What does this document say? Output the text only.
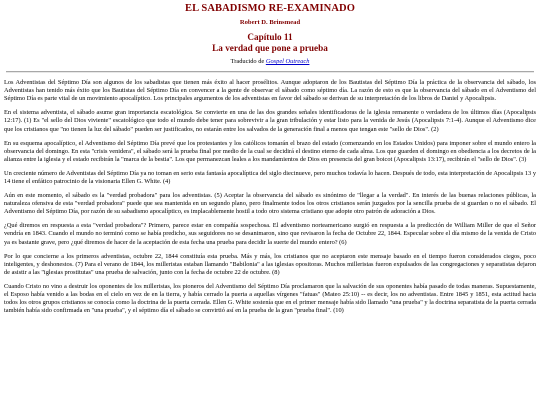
EL SABADISMO RE-EXAMINADO
Robert D. Brinsmead
Capítulo 11
La verdad que pone a prueba
Traducido de Gospel Outreach

Los Adventistas del Séptimo Día son algunos de los sabadistas que tienen más éxito al hacer prosélitos. Aunque adoptaron de los Bautistas del Séptimo Día la práctica de la observancia del sábado, los Adventistas han tenido más éxito que los Bautistas del Séptimo Día en convencer a la gente de observar el sábado como séptimo día. La razón de esto es que la observancia del sábado en el Adventismo del Séptimo Día es parte vital de un movimiento apocalíptico. Los principales argumentos de los adventistas en favor del sábado se derivan de su interpretación de los libros de Daniel y Apocalipsis.

En el sistema adventista, el sábado asume gran importancia escatológica. Se convierte en una de las dos grandes señales identificadoras de la iglesia remanente o verdadera de los últimos días (Apocalipsis 12:17). (1) Es "el sello del Dios viviente" escatológico que todo el mundo debe tener para sobrevivir a la gran tribulación y estar listo para la venida de Jesús (Apocalipsis 7:1-4). Aunque el Adventismo dice que los cristianos que "no tienen la luz del sábado" pueden ser justificados, no estarán entre los salvados de la generación final a menos que tengan este "sello de Dios". (2)

En su esquema apocalíptico, el Adventismo del Séptimo Día prevé que los protestantes y los católicos tomarán el brazo del estado (comenzando en los Estados Unidos) para imponer sobre el mundo entero la observancia del domingo. En esta "crisis venidera", el sábado será la prueba final por medio de la cual se decidirá el destino eterno de cada alma. Los que guarden el domingo en obediencia a los decretos de la alianza entre la iglesia y el estado recibirán la "marca de la bestia". Los que permanezcan leales a los mandamientos de Dios en presencia del gran boicot (Apocalipsis 13:17), recibirán el "sello de Dios". (3)

Un creciente número de Adventistas del Séptimo Día ya no toman en serio esta fantasía apocalíptica del siglo diecinueve, pero muchos todavía lo hacen. Después de todo, esta interpretación de Apocalipsis 13 y 14 tiene el enfático patrocinio de la visionaria Ellen G. White. (4)

Aún en este momento, el sábado es la "verdad probadora" para los adventistas. (5) Aceptar la observancia del sábado es sinónimo de "llegar a la verdad". En interés de las buenas relaciones públicas, la naturaleza ofensiva de esta "verdad probadora" puede que sea mantenida en un segundo plano, pero finalmente todos los otros cristianos serán juzgados por la sencilla prueba de si guardan o no el sábado. El Adventismo del Séptimo Día, por razón de su sabadismo apocalíptico, es implacablemente hostil a todo otro sistema cristiano que adopte otro patrón de adoración a Dios.

¿Qué diremos en respuesta a esta "verdad probadora"? Primero, parece estar en compañía sospechosa. El adventismo norteamericano surgió en respuesta a la predicción de William Miller de que el Señor vendría en 1843. Cuando el mundo no terminó como se había predicho, sus seguidores no se desanimaron, sino que revisaron la fecha de Octubre 22, 1844. Especular sobre el día mismo de la venida de Cristo ya es bastante grave, pero ¿qué diremos de hacer de la aceptación de esta fecha una prueba para decidir la suerte del mundo entero? (6)

Por lo que concierne a los primeros adventistas, octubre 22, 1844 constituía esta prueba. Más y más, los cristianos que no aceptaron este mensaje basado en el tiempo fueron considerados ciegos, poco inteligentes, y deshonestos. (7) Para el verano de 1844, los milleristas estaban llamando "Babilonia" a las iglesias opositoras. Muchos milleristas fueron expulsados de las congregaciones y separatistas dejaron de asistir a las "iglesias prostitutas" una prueba de salvación, junto con la fecha de octubre 22 de octubre. (8)

Cuando Cristo no vino a destruir los oponentes de los milleristas, los pioneros del Adventismo del Séptimo Día proclamaron que la salvación de sus oponentes había pasado de todas maneras. Supuestamente, el Esposo había venido a las bodas en el cielo en vez de en la tierra, y había cerrado la puerta a aquellas vírgenes "fatuas" (Mateo 25:10) -- es decir, los no adventistas. Entre 1845 y 1851, esta actitud hacia todos los otros grupos cristianos se conocía como la doctrina de la puerta cerrada. Ellen G. White sostenía que en el primer mensaje había sido llamado "una prueba" y la doctrina separatista de la puerta cerrada también había sido confirmada en "una prueba", y el séptimo día el sábado se convirtió así en la prueba de la gran "prueba final". (10)
